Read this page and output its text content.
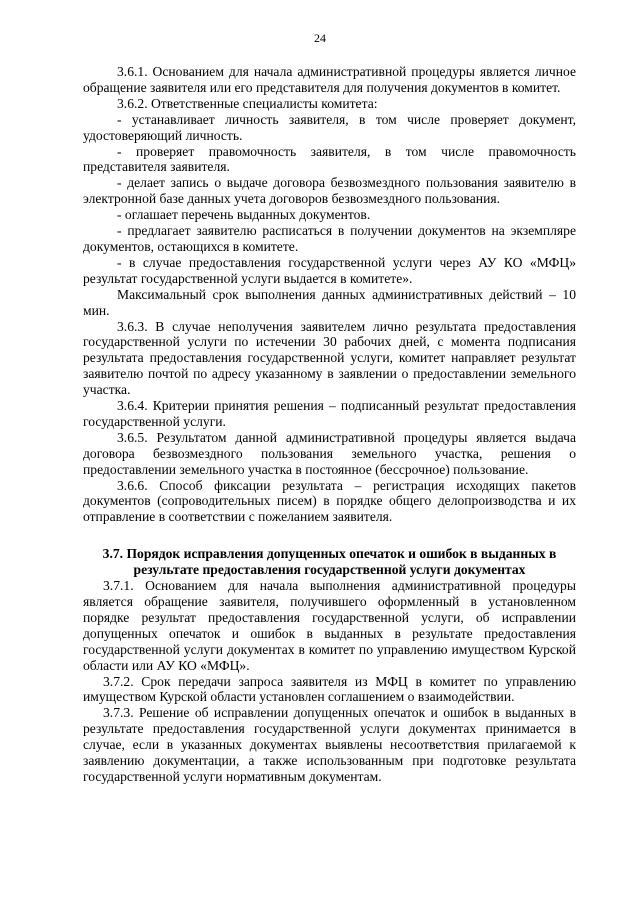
24

3.6.1. Основанием для начала административной процедуры является личное обращение заявителя или его представителя для получения документов в комитет.

3.6.2. Ответственные специалисты комитета:

- устанавливает личность заявителя, в том числе проверяет документ, удостоверяющий личность.

- проверяет правомочность заявителя, в том числе правомочность представителя заявителя.

- делает запись о выдаче договора безвозмездного пользования заявителю в электронной базе данных учета договоров безвозмездного пользования.

- оглашает перечень выданных документов.

- предлагает заявителю расписаться в получении документов на экземпляре документов, остающихся в комитете.

- в случае предоставления государственной услуги через АУ КО «МФЦ» результат государственной услуги выдается в комитете».

Максимальный срок выполнения данных административных действий – 10 мин.

3.6.3. В случае неполучения заявителем лично результата предоставления государственной услуги по истечении 30 рабочих дней, с момента подписания результата предоставления государственной услуги, комитет направляет результат заявителю почтой по адресу указанному в заявлении о предоставлении земельного участка.

3.6.4. Критерии принятия решения – подписанный результат предоставления государственной услуги.

3.6.5. Результатом данной административной процедуры является выдача договора безвозмездного пользования земельного участка, решения о предоставлении земельного участка в постоянное (бессрочное) пользование.

3.6.6. Способ фиксации результата – регистрация исходящих пакетов документов (сопроводительных писем) в порядке общего делопроизводства и их отправление в соответствии с пожеланием заявителя.

3.7. Порядок исправления допущенных опечаток и ошибок в выданных в результате предоставления государственной услуги документах

3.7.1. Основанием для начала выполнения административной процедуры является обращение заявителя, получившего оформленный в установленном порядке результат предоставления государственной услуги, об исправлении допущенных опечаток и ошибок в выданных в результате предоставления государственной услуги документах в комитет по управлению имуществом Курской области или АУ КО «МФЦ».

3.7.2. Срок передачи запроса заявителя из МФЦ в комитет по управлению имуществом Курской области установлен соглашением о взаимодействии.

3.7.3. Решение об исправлении допущенных опечаток и ошибок в выданных в результате предоставления государственной услуги документах принимается в случае, если в указанных документах выявлены несоответствия прилагаемой к заявлению документации, а также использованным при подготовке результата государственной услуги нормативным документам.
